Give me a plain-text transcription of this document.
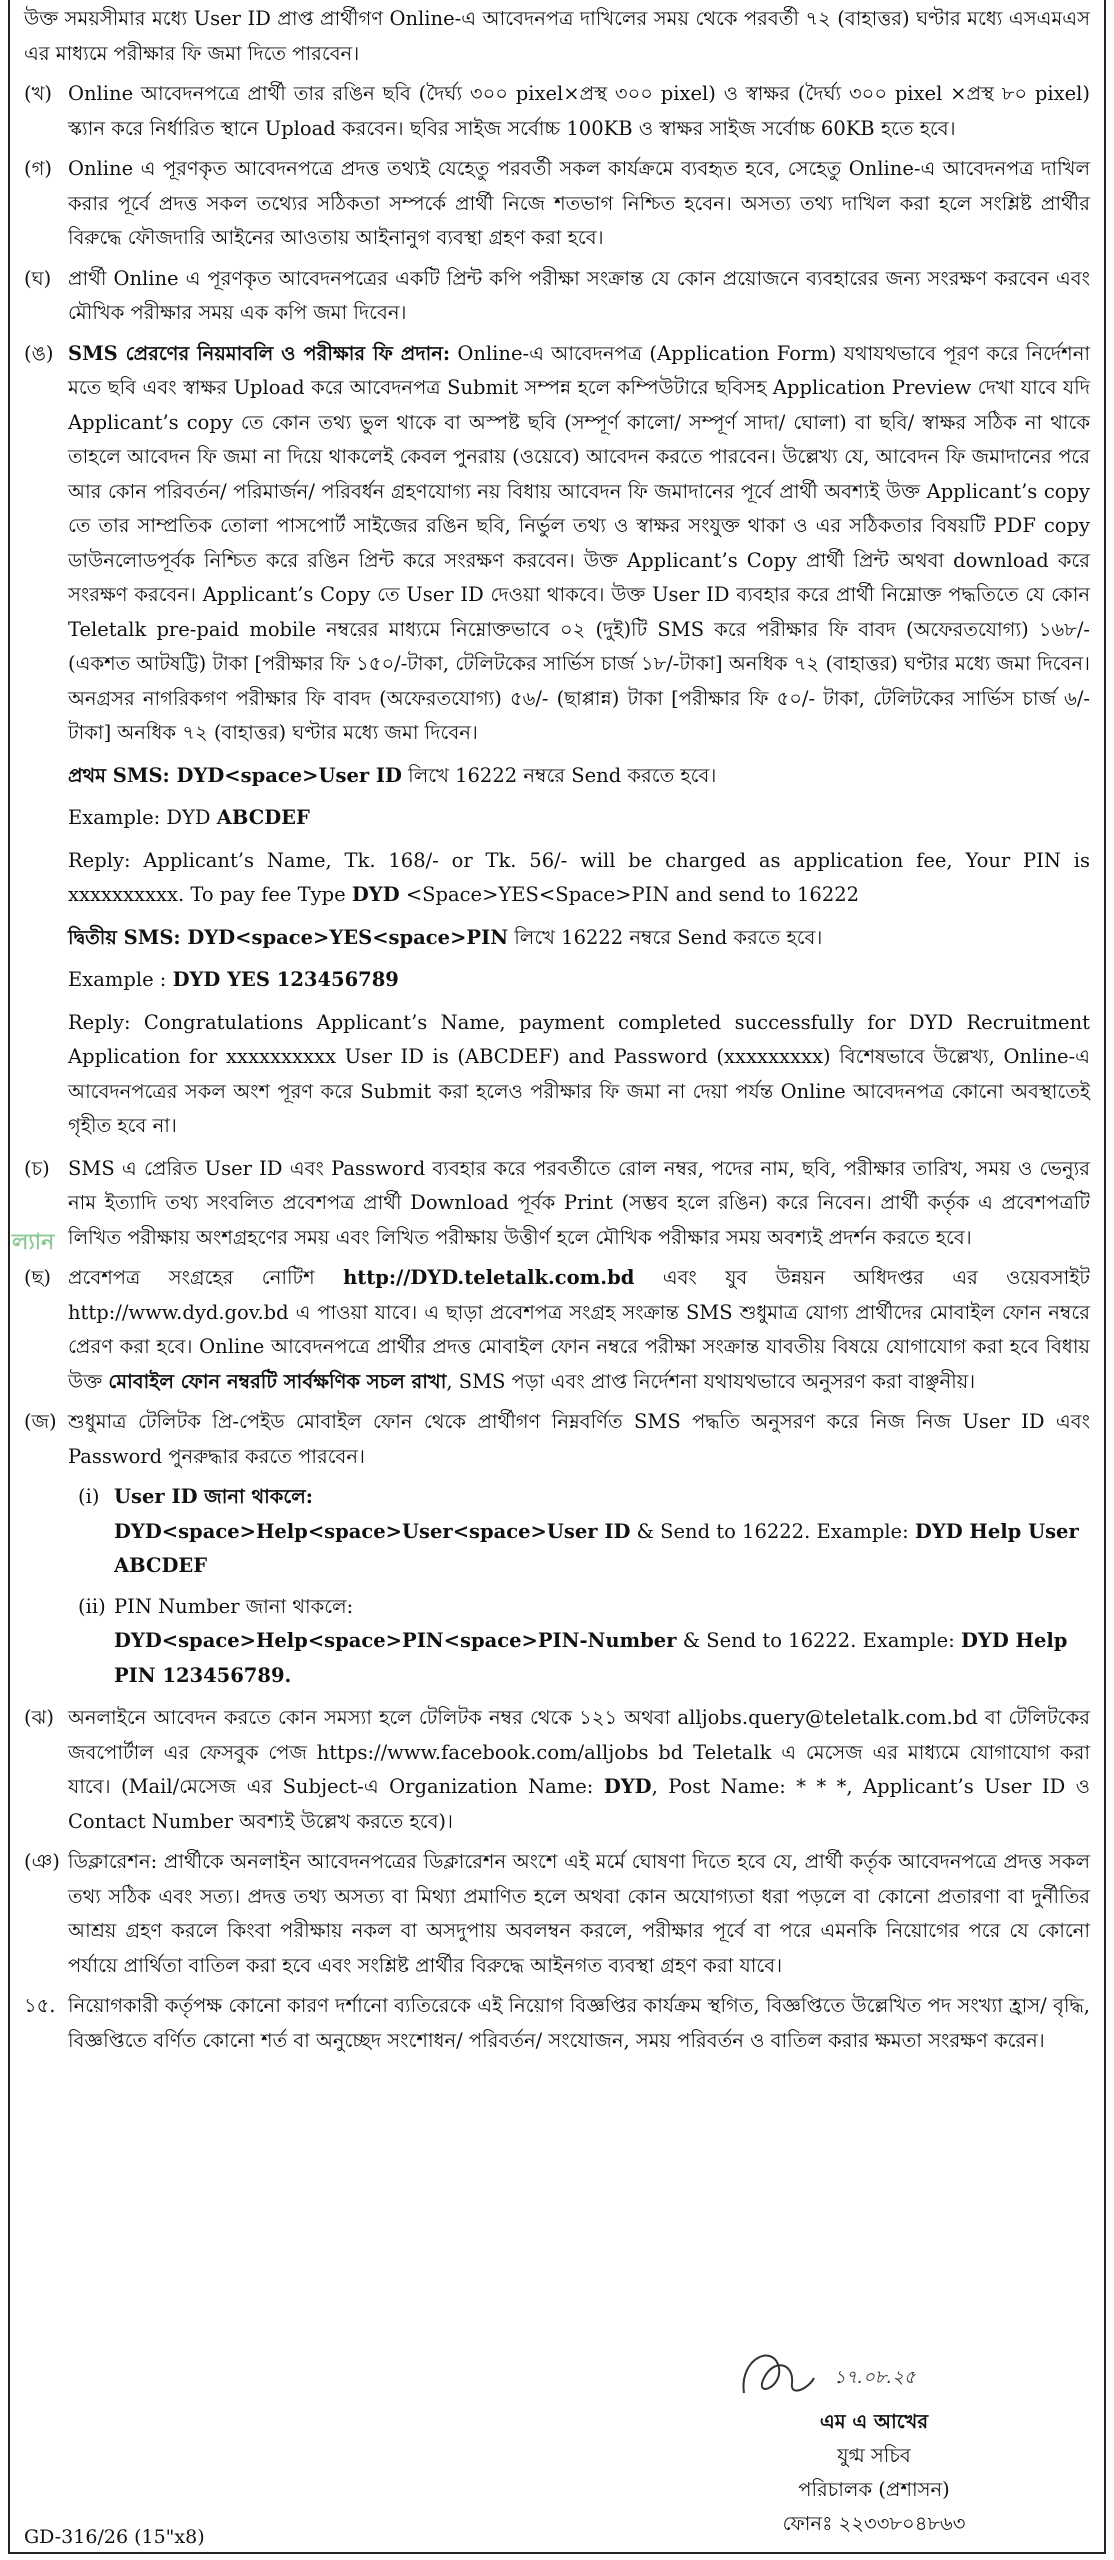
উক্ত সময়সীমার মধ্যে User ID প্রাপ্ত প্রার্থীগণ Online-এ আবেদনপত্র দাখিলের সময় থেকে পরবর্তী ৭২ (বাহাত্তর) ঘণ্টার মধ্যে এসএমএস এর মাধ্যমে পরীক্ষার ফি জমা দিতে পারবেন।
(খ) Online আবেদনপত্রে প্রার্থী তার রঙিন ছবি (দৈর্ঘ্য ৩০০ pixel×প্রস্থ ৩০০ pixel) ও স্বাক্ষর (দৈর্ঘ্য ৩০০ pixel ×প্রস্থ ৮০ pixel) স্ক্যান করে নির্ধারিত স্থানে Upload করবেন। ছবির সাইজ সর্বোচ্চ 100KB ও স্বাক্ষর সাইজ সর্বোচ্চ 60KB হতে হবে।
(গ) Online এ পূরণকৃত আবেদনপত্রে প্রদত্ত তথ্যই যেহেতু পরবর্তী সকল কার্যক্রমে ব্যবহৃত হবে, সেহেতু Online-এ আবেদনপত্র দাখিল করার পূর্বে প্রদত্ত সকল তথ্যের সঠিকতা সম্পর্কে প্রার্থী নিজে শতভাগ নিশ্চিত হবেন। অসত্য তথ্য দাখিল করা হলে সংশ্লিষ্ট প্রার্থীর বিরুদ্ধে ফৌজদারি আইনের আওতায় আইনানুগ ব্যবস্থা গ্রহণ করা হবে।
(ঘ) প্রার্থী Online এ পূরণকৃত আবেদনপত্রের একটি প্রিন্ট কপি পরীক্ষা সংক্রান্ত যে কোন প্রয়োজনে ব্যবহারের জন্য সংরক্ষণ করবেন এবং মৌখিক পরীক্ষার সময় এক কপি জমা দিবেন।
(ঙ) SMS প্রেরণের নিয়মাবলি ও পরীক্ষার ফি প্রদান: Online-এ আবেদনপত্র (Application Form) যথাযথভাবে পূরণ করে নির্দেশনা মতে ছবি এবং স্বাক্ষর Upload করে আবেদনপত্র Submit সম্পন্ন হলে কম্পিউটারে ছবিসহ Application Preview দেখা যাবে যদি Applicant’s copy তে কোন তথ্য ভুল থাকে বা অস্পষ্ট ছবি (সম্পূর্ণ কালো/ সম্পূর্ণ সাদা/ ঘোলা) বা ছবি/ স্বাক্ষর সঠিক না থাকে তাহলে আবেদন ফি জমা না দিয়ে থাকলেই কেবল পুনরায় (ওয়েবে) আবেদন করতে পারবেন। উল্লেখ্য যে, আবেদন ফি জমাদানের পরে আর কোন পরিবর্তন/ পরিমার্জন/ পরিবর্ধন গ্রহণযোগ্য নয় বিধায় আবেদন ফি জমাদানের পূর্বে প্রার্থী অবশ্যই উক্ত Applicant’s copy তে তার সাম্প্রতিক তোলা পাসপোর্ট সাইজের রঙিন ছবি, নির্ভুল তথ্য ও স্বাক্ষর সংযুক্ত থাকা ও এর সঠিকতার বিষয়টি PDF copy ডাউনলোডপূর্বক নিশ্চিত করে রঙিন প্রিন্ট করে সংরক্ষণ করবেন। উক্ত Applicant’s Copy প্রার্থী প্রিন্ট অথবা download করে সংরক্ষণ করবেন। Applicant’s Copy তে User ID দেওয়া থাকবে। উক্ত User ID ব্যবহার করে প্রার্থী নিম্নোক্ত পদ্ধতিতে যে কোন Teletalk pre-paid mobile নম্বরের মাধ্যমে নিম্নোক্তভাবে ০২ (দুই)টি SMS করে পরীক্ষার ফি বাবদ (অফেরতযোগ্য) ১৬৮/- (একশত আটষট্টি) টাকা [পরীক্ষার ফি ১৫০/-টাকা, টেলিটকের সার্ভিস চার্জ ১৮/-টাকা] অনধিক ৭২ (বাহাত্তর) ঘণ্টার মধ্যে জমা দিবেন। অনগ্রসর নাগরিকগণ পরীক্ষার ফি বাবদ (অফেরতযোগ্য) ৫৬/- (ছাপ্পান্ন) টাকা [পরীক্ষার ফি ৫০/- টাকা, টেলিটকের সার্ভিস চার্জ ৬/- টাকা] অনধিক ৭২ (বাহাত্তর) ঘণ্টার মধ্যে জমা দিবেন।
প্রথম SMS: DYD<space>User ID লিখে 16222 নম্বরে Send করতে হবে।
Example: DYD ABCDEF
Reply: Applicant’s Name, Tk. 168/- or Tk. 56/- will be charged as application fee, Your PIN is xxxxxxxxxx. To pay fee Type DYD <Space>YES<Space>PIN and send to 16222
দ্বিতীয় SMS: DYD<space>YES<space>PIN লিখে 16222 নম্বরে Send করতে হবে।
Example : DYD YES 123456789
Reply: Congratulations Applicant’s Name, payment completed successfully for DYD Recruitment Application for xxxxxxxxxx User ID is (ABCDEF) and Password (xxxxxxxxx) বিশেষভাবে উল্লেখ্য, Online-এ আবেদনপত্রের সকল অংশ পূরণ করে Submit করা হলেও পরীক্ষার ফি জমা না দেয়া পর্যন্ত Online আবেদনপত্র কোনো অবস্থাতেই গৃহীত হবে না।
(চ) SMS এ প্রেরিত User ID এবং Password ব্যবহার করে পরবর্তীতে রোল নম্বর, পদের নাম, ছবি, পরীক্ষার তারিখ, সময় ও ভেন্যুর নাম ইত্যাদি তথ্য সংবলিত প্রবেশপত্র প্রার্থী Download পূর্বক Print (সম্ভব হলে রঙিন) করে নিবেন। প্রার্থী কর্তৃক এ প্রবেশপত্রটি লিখিত পরীক্ষায় অংশগ্রহণের সময় এবং লিখিত পরীক্ষায় উত্তীর্ণ হলে মৌখিক পরীক্ষার সময় অবশ্যই প্রদর্শন করতে হবে।
(ছ) প্রবেশপত্র সংগ্রহের নোটিশ http://DYD.teletalk.com.bd এবং যুব উন্নয়ন অধিদপ্তর এর ওয়েবসাইট http://www.dyd.gov.bd এ পাওয়া যাবে। এ ছাড়া প্রবেশপত্র সংগ্রহ সংক্রান্ত SMS শুধুমাত্র যোগ্য প্রার্থীদের মোবাইল ফোন নম্বরে প্রেরণ করা হবে। Online আবেদনপত্রে প্রার্থীর প্রদত্ত মোবাইল ফোন নম্বরে পরীক্ষা সংক্রান্ত যাবতীয় বিষয়ে যোগাযোগ করা হবে বিধায় উক্ত মোবাইল ফোন নম্বরটি সার্বক্ষণিক সচল রাখা, SMS পড়া এবং প্রাপ্ত নির্দেশনা যথাযথভাবে অনুসরণ করা বাঞ্ছনীয়।
(জ) শুধুমাত্র টেলিটক প্রি-পেইড মোবাইল ফোন থেকে প্রার্থীগণ নিম্নবর্ণিত SMS পদ্ধতি অনুসরণ করে নিজ নিজ User ID এবং Password পুনরুদ্ধার করতে পারবেন।
(i) User ID জানা থাকলে:
DYD<space>Help<space>User<space>User ID & Send to 16222. Example: DYD Help User ABCDEF
(ii) PIN Number জানা থাকলে:
DYD<space>Help<space>PIN<space>PIN-Number & Send to 16222. Example: DYD Help PIN 123456789.
(ঝ) অনলাইনে আবেদন করতে কোন সমস্যা হলে টেলিটক নম্বর থেকে ১২১ অথবা alljobs.query@teletalk.com.bd বা টেলিটকের জবপোর্টাল এর ফেসবুক পেজ https://www.facebook.com/alljobs bd Teletalk এ মেসেজ এর মাধ্যমে যোগাযোগ করা যাবে। (Mail/মেসেজ এর Subject-এ Organization Name: DYD, Post Name: * * *, Applicant’s User ID ও Contact Number অবশ্যই উল্লেখ করতে হবে)।
(ঞ) ডিক্লারেশন: প্রার্থীকে অনলাইন আবেদনপত্রের ডিক্লারেশন অংশে এই মর্মে ঘোষণা দিতে হবে যে, প্রার্থী কর্তৃক আবেদনপত্রে প্রদত্ত সকল তথ্য সঠিক এবং সত্য। প্রদত্ত তথ্য অসত্য বা মিথ্যা প্রমাণিত হলে অথবা কোন অযোগ্যতা ধরা পড়লে বা কোনো প্রতারণা বা দুর্নীতির আশ্রয় গ্রহণ করলে কিংবা পরীক্ষায় নকল বা অসদুপায় অবলম্বন করলে, পরীক্ষার পূর্বে বা পরে এমনকি নিয়োগের পরে যে কোনো পর্যায়ে প্রার্থিতা বাতিল করা হবে এবং সংশ্লিষ্ট প্রার্থীর বিরুদ্ধে আইনগত ব্যবস্থা গ্রহণ করা যাবে।
১৫. নিয়োগকারী কর্তৃপক্ষ কোনো কারণ দর্শানো ব্যতিরেকে এই নিয়োগ বিজ্ঞপ্তির কার্যক্রম স্থগিত, বিজ্ঞপ্তিতে উল্লেখিত পদ সংখ্যা হ্রাস/ বৃদ্ধি, বিজ্ঞপ্তিতে বর্ণিত কোনো শর্ত বা অনুচ্ছেদ সংশোধন/ পরিবর্তন/ সংযোজন, সময় পরিবর্তন ও বাতিল করার ক্ষমতা সংরক্ষণ করেন।
ল্যান
১৭.০৮.২৫
এম এ আখের
যুগ্ম সচিব
পরিচালক (প্রশাসন)
ফোনঃ ২২৩৩৮০৪৮৬৩
GD-316/26 (15"x8)
